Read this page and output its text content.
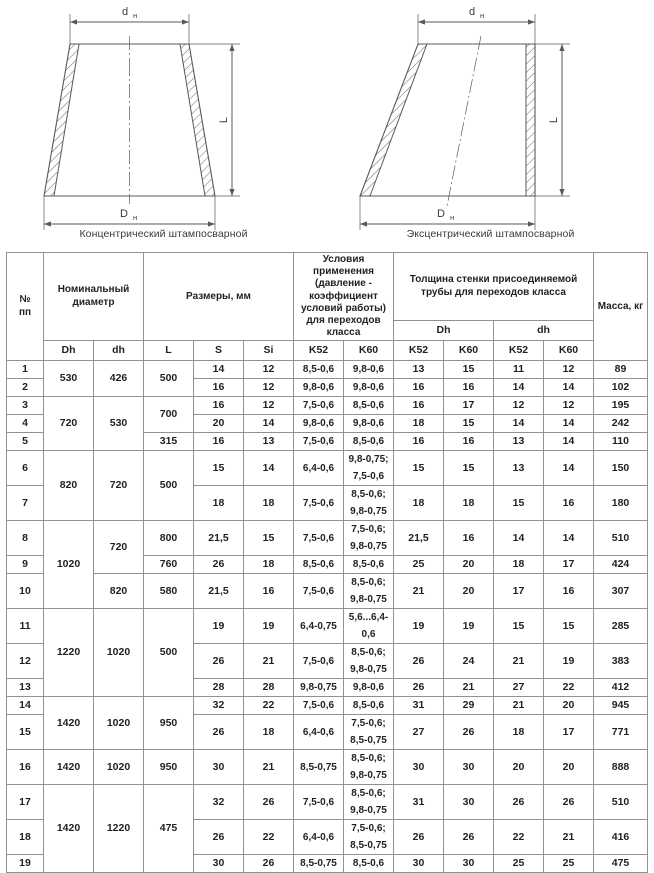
d н
D н
L
Концентрический штампосварной
d н
D н
L
Эксцентрический штампосварной
№
пп	Номинальный диаметр		Размеры, мм			Условия применения (давление - коэффициент условий работы) для переходов класса		Толщина стенки присоединяемой трубы для переходов класса				Масса, кг
								Dh		dh		
	Dh	dh	L	S	Si	K52	K60	K52	K60	K52	K60	
1	530	426	500	14	12	8,5-0,6	9,8-0,6	13	15	11	12	89
2				16	12	9,8-0,6	9,8-0,6	16	16	14	14	102
3	720	530	700	16	12	7,5-0,6	8,5-0,6	16	17	12	12	195
4				20	14	9,8-0,6	9,8-0,6	18	15	14	14	242
5			315	16	13	7,5-0,6	8,5-0,6	16	16	13	14	110
6	820	720	500	15	14	6,4-0,6	9,8-0,75; 7,5-0,6	15	15	13	14	150
7				18	18	7,5-0,6	8,5-0,6; 9,8-0,75	18	18	15	16	180
8	1020	720	800	21,5	15	7,5-0,6	7,5-0,6; 9,8-0,75	21,5	16	14	14	510
9			760	26	18	8,5-0,6	8,5-0,6	25	20	18	17	424
10		820	580	21,5	16	7,5-0,6	8,5-0,6; 9,8-0,75	21	20	17	16	307
11	1220	1020	500	19	19	6,4-0,75	5,6...6,4-0,6	19	19	15	15	285
12				26	21	7,5-0,6	8,5-0,6; 9,8-0,75	26	24	21	19	383
13				28	28	9,8-0,75	9,8-0,6	26	21	27	22	412
14	1420	1020	950	32	22	7,5-0,6	8,5-0,6	31	29	21	20	945
15				26	18	6,4-0,6	7,5-0,6; 8,5-0,75	27	26	18	17	771
16	1420	1020	950	30	21	8,5-0,75	8,5-0,6; 9,8-0,75	30	30	20	20	888
17	1420	1220	475	32	26	7,5-0,6	8,5-0,6; 9,8-0,75	31	30	26	26	510
18				26	22	6,4-0,6	7,5-0,6; 8,5-0,75	26	26	22	21	416
19				30	26	8,5-0,75	8,5-0,6	30	30	25	25	475
